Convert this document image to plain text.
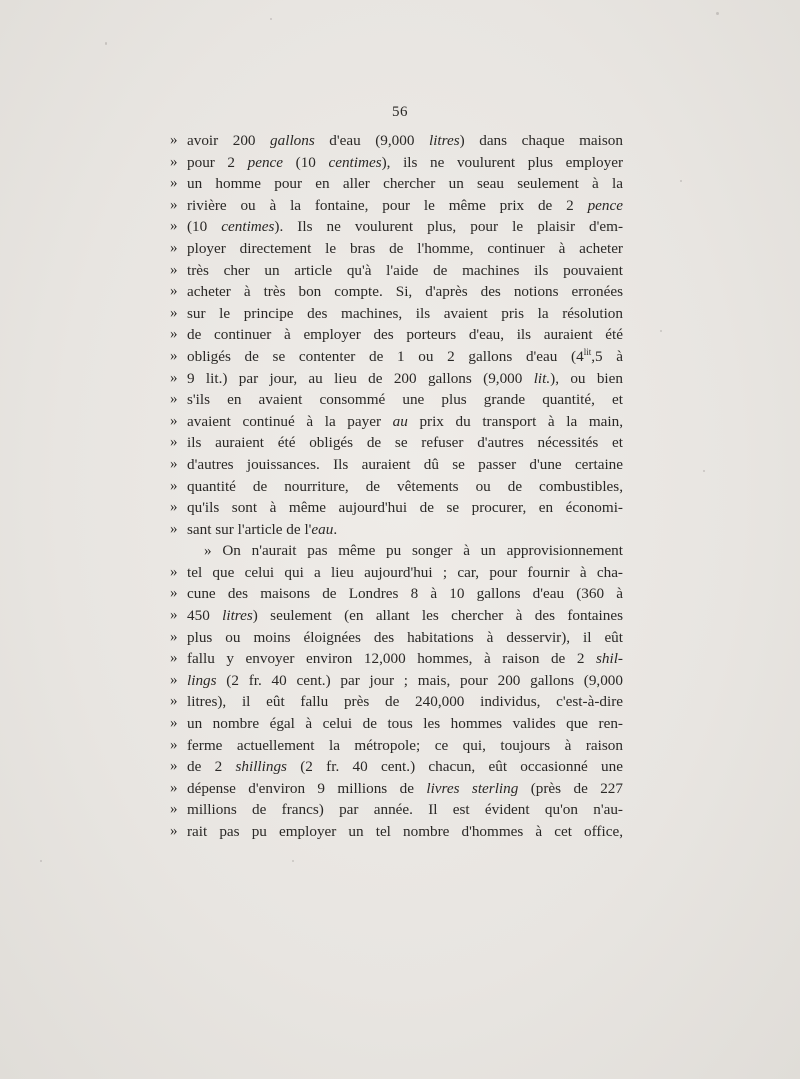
56
» avoir 200 gallons d'eau (9,000 litres) dans chaque maison
» pour 2 pence (10 centimes), ils ne voulurent plus employer
» un homme pour en aller chercher un seau seulement à la
» rivière ou à la fontaine, pour le même prix de 2 pence
» (10 centimes). Ils ne voulurent plus, pour le plaisir d'em-
» ployer directement le bras de l'homme, continuer à acheter
» très cher un article qu'à l'aide de machines ils pouvaient
» acheter à très bon compte. Si, d'après des notions erronées
» sur le principe des machines, ils avaient pris la résolution
» de continuer à employer des porteurs d'eau, ils auraient été
» obligés de se contenter de 1 ou 2 gallons d'eau ($4^{lit},5$ à
» 9 lit.) par jour, au lieu de 200 gallons (9,000 lit.), ou bien
» s'ils en avaient consommé une plus grande quantité, et
» avaient continué à la payer au prix du transport à la main,
» ils auraient été obligés de se refuser d'autres nécessités et
» d'autres jouissances. Ils auraient dû se passer d'une certaine
» quantité de nourriture, de vêtements ou de combustibles,
» qu'ils sont à même aujourd'hui de se procurer, en économi-
» sant sur l'article de l'eau.
» On n'aurait pas même pu songer à un approvisionnement
» tel que celui qui a lieu aujourd'hui ; car, pour fournir à cha-
» cune des maisons de Londres 8 à 10 gallons d'eau (360 à
» 450 litres) seulement (en allant les chercher à des fontaines
» plus ou moins éloignées des habitations à desservir), il eût
» fallu y envoyer environ 12,000 hommes, à raison de 2 shil-
» lings (2 fr. 40 cent.) par jour ; mais, pour 200 gallons (9,000
» litres), il eût fallu près de 240,000 individus, c'est-à-dire
» un nombre égal à celui de tous les hommes valides que ren-
» ferme actuellement la métropole; ce qui, toujours à raison
» de 2 shillings (2 fr. 40 cent.) chacun, eût occasionné une
» dépense d'environ 9 millions de livres sterling (près de 227
» millions de francs) par année. Il est évident qu'on n'au-
» rait pas pu employer un tel nombre d'hommes à cet office,
